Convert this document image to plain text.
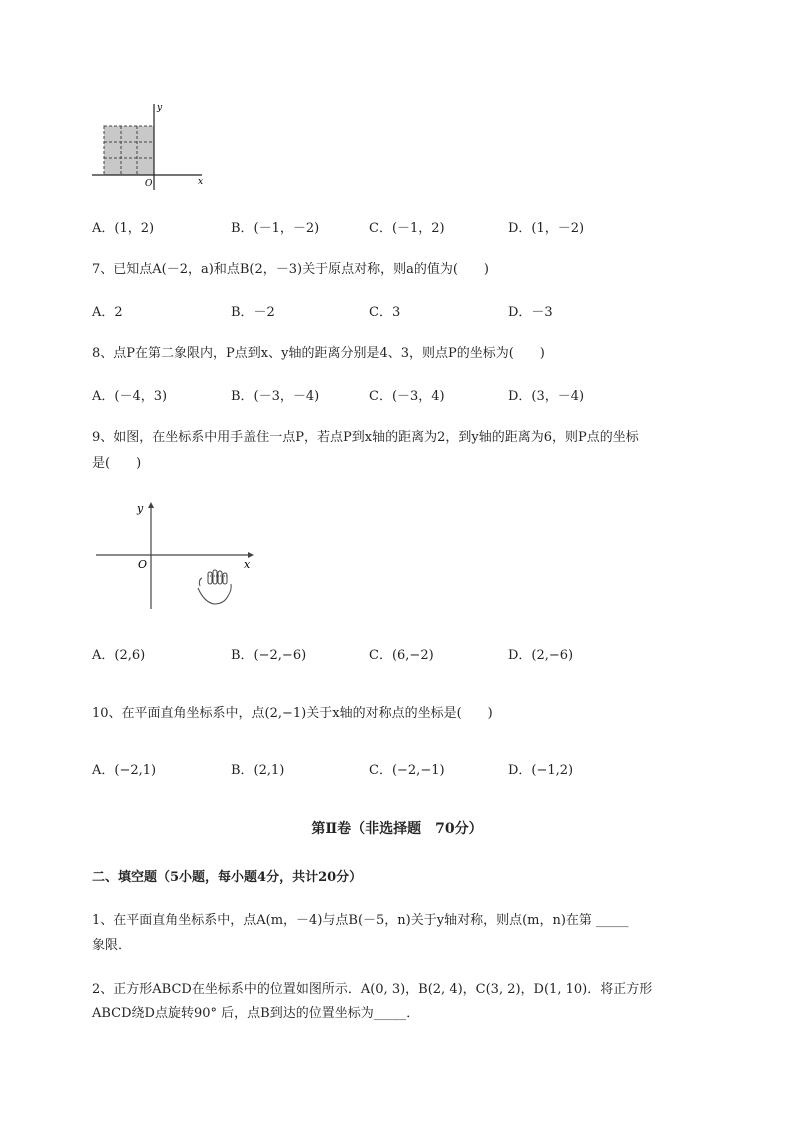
x
y
O
A．(1，2)	B．(－1，－2)	C．(－1，2)	D．(1，－2)
7、已知点A(－2，a)和点B(2，－3)关于原点对称，则a的值为(　　)
A．2	B．－2	C．3	D．－3
8、点P在第二象限内，P点到x、y轴的距离分别是4、3，则点P的坐标为(　　)
A．(－4，3)	B．(－3，－4)	C．(－3，4)	D．(3，－4)
9、如图，在坐标系中用手盖住一点P，若点P到x轴的距离为2，到y轴的距离为6，则P点的坐标
是(　　)
x
y
O
A．(2,6)	B．(−2,−6)	C．(6,−2)	D．(2,−6)
10、在平面直角坐标系中，点(2,−1)关于x轴的对称点的坐标是(　　)
A．(−2,1)	B．(2,1)	C．(−2,−1)	D．(−1,2)
第Ⅱ卷（非选择题　70分）
二、填空题（5小题，每小题4分，共计20分）
1、在平面直角坐标系中，点A(m，－4)与点B(－5，n)关于y轴对称，则点(m，n)在第 _____
象限．
2、正方形ABCD在坐标系中的位置如图所示．A(0, 3)，B(2, 4)，C(3, 2)，D(1, 10)．将正方形
ABCD绕D点旋转90° 后，点B到达的位置坐标为_____．
